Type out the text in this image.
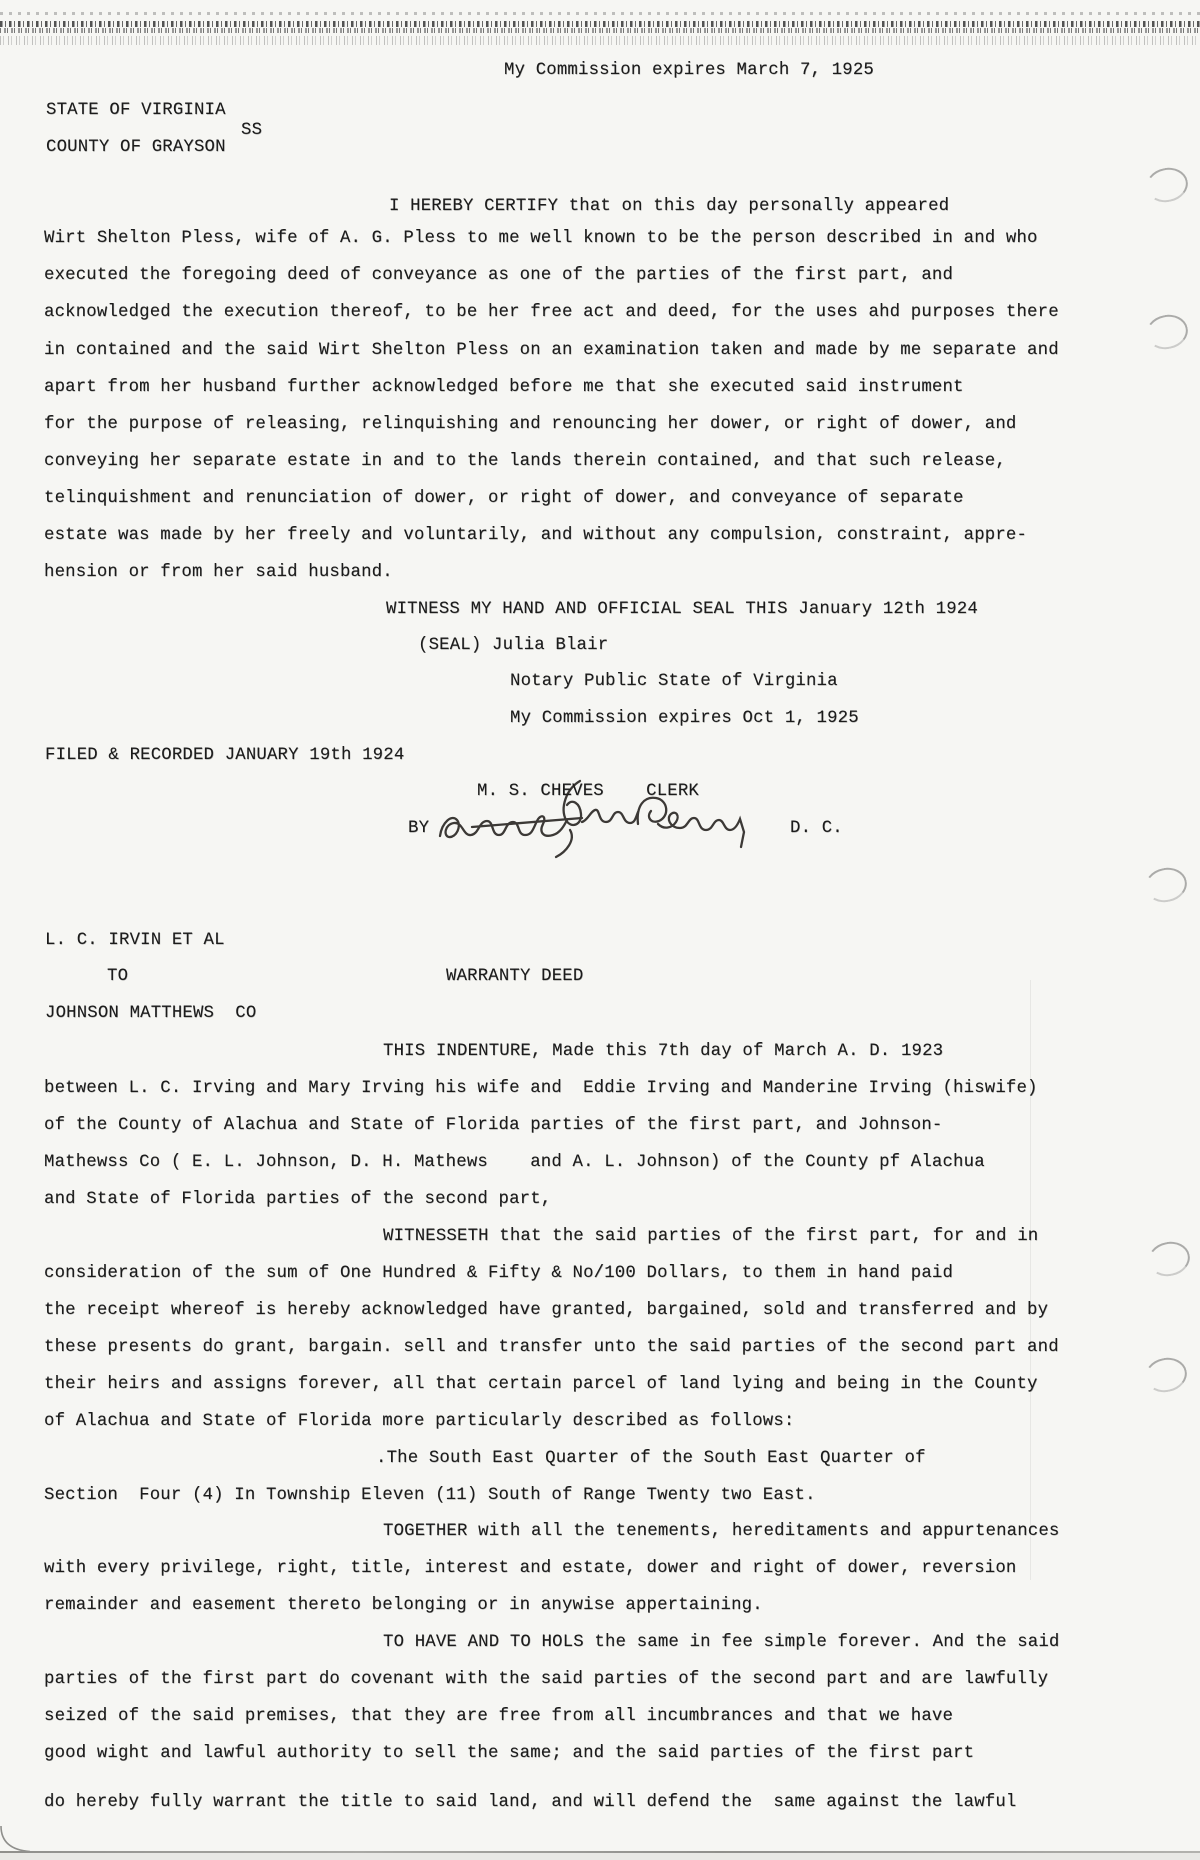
My Commission expires March 7, 1925
STATE OF VIRGINIA
SS
COUNTY OF GRAYSON
I HEREBY CERTIFY that on this day personally appeared
Wirt Shelton Pless, wife of A. G. Pless to me well known to be the person described in and who
executed the foregoing deed of conveyance as one of the parties of the first part, and
acknowledged the execution thereof, to be her free act and deed, for the uses ahd purposes there
in contained and the said Wirt Shelton Pless on an examination taken and made by me separate and
apart from her husband further acknowledged before me that she executed said instrument
for the purpose of releasing, relinquishing and renouncing her dower, or right of dower, and
conveying her separate estate in and to the lands therein contained, and that such release,
telinquishment and renunciation of dower, or right of dower, and conveyance of separate
estate was made by her freely and voluntarily, and without any compulsion, constraint, appre-
hension or from her said husband.
WITNESS MY HAND AND OFFICIAL SEAL THIS January 12th 1924
(SEAL) Julia Blair
Notary Public State of Virginia
My Commission expires Oct 1, 1925
FILED & RECORDED JANUARY 19th 1924
M. S. CHEVES    CLERK
BY	D. C.
L. C. IRVIN ET AL
TO	WARRANTY DEED
JOHNSON MATTHEWS  CO
THIS INDENTURE, Made this 7th day of March A. D. 1923
between L. C. Irving and Mary Irving his wife and  Eddie Irving and Manderine Irving (hiswife)
of the County of Alachua and State of Florida parties of the first part, and Johnson-
Mathewss Co ( E. L. Johnson, D. H. Mathews    and A. L. Johnson) of the County pf Alachua
and State of Florida parties of the second part,
WITNESSETH that the said parties of the first part, for and in
consideration of the sum of One Hundred & Fifty & No/100 Dollars, to them in hand paid
the receipt whereof is hereby acknowledged have granted, bargained, sold and transferred and by
these presents do grant, bargain. sell and transfer unto the said parties of the second part and
their heirs and assigns forever, all that certain parcel of land lying and being in the County
of Alachua and State of Florida more particularly described as follows:
.The South East Quarter of the South East Quarter of
Section  Four (4) In Township Eleven (11) South of Range Twenty two East.
TOGETHER with all the tenements, hereditaments and appurtenances
with every privilege, right, title, interest and estate, dower and right of dower, reversion
remainder and easement thereto belonging or in anywise appertaining.
TO HAVE AND TO HOLS the same in fee simple forever. And the said
parties of the first part do covenant with the said parties of the second part and are lawfully
seized of the said premises, that they are free from all incumbrances and that we have
good wight and lawful authority to sell the same; and the said parties of the first part
do hereby fully warrant the title to said land, and will defend the  same against the lawful
